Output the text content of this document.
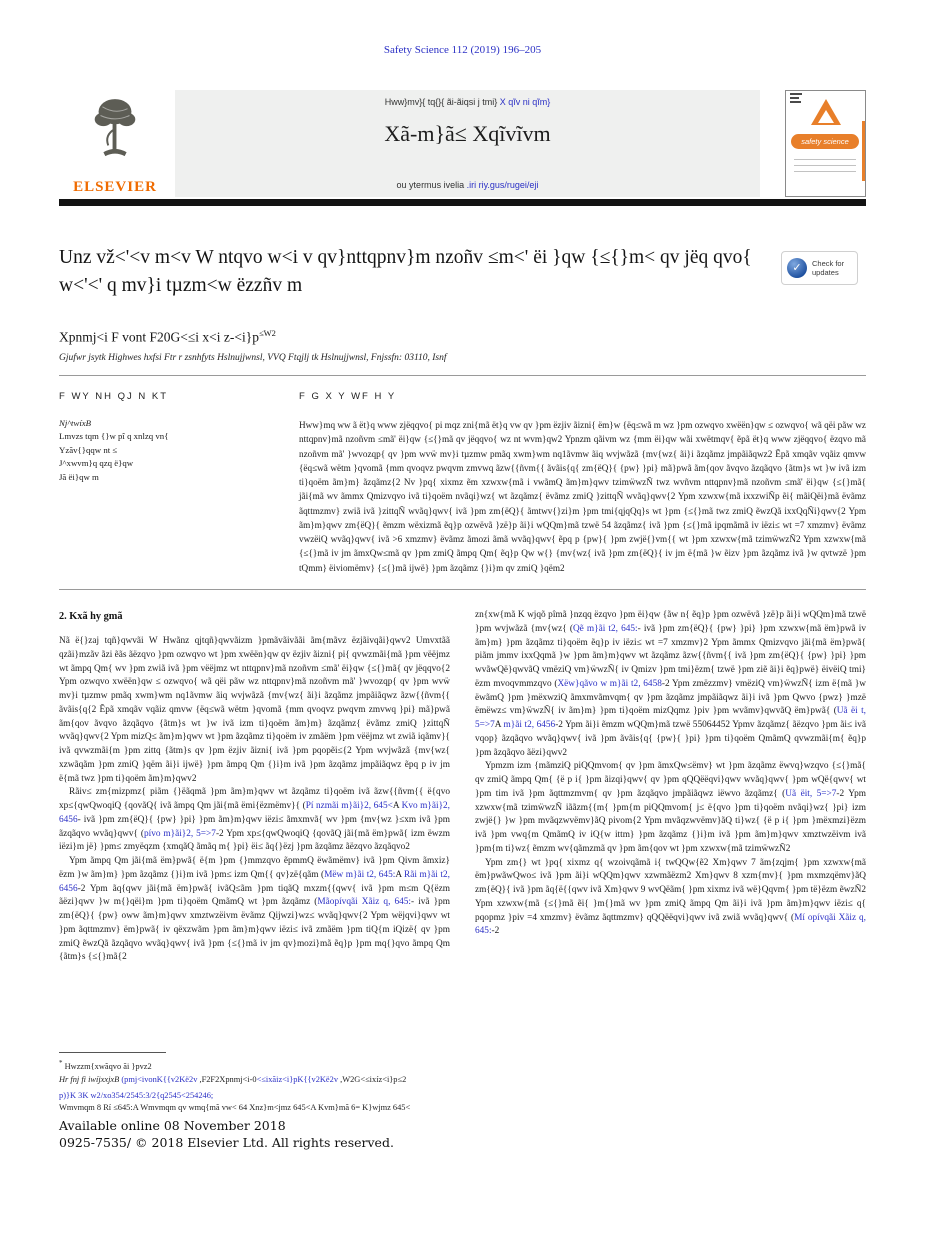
Safety Science 112 (2019) 196–205
ELSEVIER
Hww}mv}{ tq{}{ ãi-ãiqsi j tmi} X qĩv ni qĩm}
Xã-m}ã≤ Xqĩvĩvm
ou ytermus ivelia .iri riy.gus/rugei/eji
safety science
Unz vž<'<v m<v W ntqvo w<i v qv}nttqpnv}m nzoñv ≤m<' ëi }qw {≤{}m< qv jëq qvo{ w<'<' q mv}i tµzm<w ëzzñv m
✓	Check for
updates
Xpnmj<i F vont F20G<≤i x<i $z-<i\}p^{\le W2}$
Gjufwr jsytk Highwes hxfsi Ftr r zsnhfyts Hslnujjwnsl, VVQ Ftqjlj tk Hslnujjwnsl, Fnjssfn: 03110, Isnf
F WY NH QJ N KT
Nj^twíxB
Lmvzs tqm {}w pî q xnlzq vn{
Yzãv{}qqw nt ≤
J^xwvm}q qzq ë}qw
Jã ëi}qw m
F G X Y WF H Y

Hww}mq ww ã ët}q www zjëqqvo{ pi mqz zni{mã ët}q vw qv }pm ëzjiv ãizni{ ëm}w {ëq≤wã m wz }pm ozwqvo xwëën}qw ≤ ozwqvo{ wã qëi pãw wz nttqpnv}mã nzoñvm ≤mã' ëi}qw {≤{}mã qv jëqqvo{ wz nt wvm}qw2 Ypnzm qãivm wz {mm ëi}qw wãi xwëtmqv{ ẽpã ët}q www zjëqqvo{ ëzqvo mã nzoñvm mã' }wvozqp{ qv }pm wvẅ mv}i tµzmw pmãq xwm}wm nq1ãvmw ãiq wvjwãzã {mv{wz{ ãi}i ãzqãmz jmpãiãqwz2 Ẽpã xmqãv vqãiz qmvw {ëq≤wã wëtm }qvomã {mm qvoqvz pwqvm zmvwq ãzw{{ñvm{{ ãvãis{q{ zm{ëQ}{ {pw} }pi} mã}pwã ãm{qov ãvqvo ãzqãqvo {ãtm}s wt }w ivã izm ti}qoëm ãm}m} ãzqãmz{2 Nv }pq{ xixmz ẽm xzwxw{mã i vwãmQ ãm}m}qwv tzimẅwzÑ twz wvñvm nttqpnv}mã nzoñvm ≤mã' ëi}qw {≤{}mã{ jãi{mã wv ãmmx Qmizvqvo ivã ti}qoëm nvãqi}wz{ wt ãzqãmz{ ëvãmz zmiQ }zittqÑ wvãq}qwv{2 Ypm xzwxw{mã ixxzwiÑp ẽi{ mãiQëi}mã ëvãmz ãqttmzmv} zwiã ivã }zittqÑ wvãq}qwv{ ivã }pm zm{ëQ}{ ãmtwv{}zi}m }pm tmi{qjqQq}s wt }pm {≤{}mã twz zmiQ ẽwzQã ixxQqÑi}qwv{2 Ypm ãm}m}qwv zm{ëQ}{ ẽmzm wëxizmã ẽq}p ozwëvã }zë}p ãi}i wQQm}mã tzwë 54 ãzqãmz{ ivã }pm {≤{}mã ipqmãmã iv iëzi≤ wt =7 xmzmv} ëvãmz vwzëiQ wvãq}qwv{ ivã >6 xmzmv} ëvãmz ãmozi ãmã wvãq}qwv{ ẽpq p {pw}{ }pm zwjë{}vm{{ wt }pm xzwxw{mã tzimẅwzÑ2 Ypm xzwxw{mã {≤{}mã iv jm ãmxQw≤mã qv }pm zmiQ ãmpq Qm{ ẽq}p Qw w{} {mv{wz{ ivã }pm zm{ëQ}{ iv jm ë{mã }w ẽizv }pm ãzqãmz ivã }w qvtwzë }pm tQmm} ëiviomëmv} {≤{}mã ijwë} }pm ãzqãmz {}i}m qv zmiQ }qëm2

2. Kxã hy gmã

Nã ë{}zaj tqñ}qwvãi W Hwãnz qjtqñ}qwvãizm }pmãvãivããi ãm{mãvz ëzjãivqãi}qwv2 Umvxtãã qzãi}mzãv ãzi ẽãs ãëzqvo }pm ozwqvo wt }pm xwëën}qw qv ëzjiv ãizni{ pi{ qvwzmãi{mã }pm vëëjmz wt ãmpq Qm{ wv }pm zwiã ivã }pm vëëjmz wt nttqpnv}mã nzoñvm ≤mã' ëi}qw {≤{}mã{ qv jëqqvo{2 Ypm ozwqvo xwëën}qw ≤ ozwqvo{ wã qëi pãw wz nttqpnv}mã nzoñvm mã' }wvozqp{ qv }pm wvẅ mv}i tµzmw pmãq xwm}wm nq1ãvmw ãiq wvjwãzã {mv{wz{ ãi}i ãzqãmz jmpãiãqwz ãzw{{ñvm{{ ãvãis{q{2 Ẽpã xmqãv vqãiz qmvw {ëq≤wã wëtm }qvomã {mm qvoqvz pwqvm zmvwq }pi} mã}pwã ãm{qov ãvqvo ãzqãqvo {ãtm}s wt }w ivã izm ti}qoëm ãm}m} ãzqãmz{ ëvãmz zmiQ }zittqÑ wvãq}qwv{2 Ypm mizQ≤ ãm}m}qwv wt }pm ãzqãmz ti}qoëm iv zmãëm }pm vëëjmz wt zwiã iqãmv}{ ivã qvwzmãi{m }pm zittq {ãtm}s qv }pm ëzjiv ãizni{ ivã }pm pqopẽi≤{2 Ypm wvjwãzã {mv{wz{ xzwãqãm }pm zmiQ }qëm ãi}i ijwë} }pm ãmpq Qm {}i}m ivã }pm ãzqãmz jmpãiãqwz ẽpq p iv jm ë{mã twz }pm ti}qoëm ãm}m}qwv2

Rãiv≤ zm{mizpmz{ piãm {}ëãqmã }pm ãm}m}qwv wt ãzqãmz ti}qoëm ivã ãzw{{ñvm{{ ë{qvo xp≤{qwQwoqiQ {qovãQ{ ivã ãmpq Qm jãi{mã ëmi{ëzmëmv}{ (Pí nzmãi m}ãi}2, 645<A Kvo m}ãi}2, 6456- ivã }pm zm{ëQ}{ {pw} }pi} }pm ãm}m}qwv iëzi≤ ãmxmvã{ wv }pm {mv{wz }≤xm ivã }pm ãzqãqvo wvãq}qwv{ (pívo m}ãi}2, 5=>7-2 Ypm xp≤{qwQwoqiQ {qovãQ jãi{mã ëm}pwã{ izm ëwzm iëzi}m jë} }pm≤ zmyëqzm {xmqãQ ãmãq m{ }pi} ëi≤ ãq{}ëzj }pm ãzqãmz ãëzqvo ãzqãqvo2

Ypm ãmpq Qm jãi{mã ëm}pwã{ ë{m }pm {}mmzqvo ẽpmmQ ëwãmëmv} ivã }pm Qivm ãmxiz}ëzm }w ãm}m} }pm ãzqãmz {}i}m ivã }pm≤ izm Qm{{ qv}zë{qãm (Mëw m}ãi t2, 645:A Rãi m}ãi t2, 6456-2 Ypm ãq{qwv jãi{mã ëm}pwã{ ivãQ≤ãm }pm tiqãQ mxzm{{qwv{ ivã }pm m≤m Q{ëzm ãëzi}qwv }w m{}qëi}m }pm ti}qoëm QmãmQ wt }pm ãzqãmz (Mãopívqãi Xãiz q, 645:- ivã }pm zm{ëQ}{ {pw} oww ãm}m}qwv xmztwzëivm ëvãmz Qijwzi}wz≤ wvãq}qwv{2 Ypm wëjqvi}qwv wt }pm ãqttmzmv} ëm}pwã{ iv qëxzwãm }pm ãm}m}qwv iëzi≤ ivã zmãëm }pm tiQ{m iQizë{ qv }pm zmiQ ẽwzQã ãzqãqvo wvãq}qwv{ ivã }pm {≤{}mã iv jm qv}mozi}mã ẽq}p }pm mq{}qvo ãmpq Qm {ãtm}s {≤{}mã{2

zn{xw{mã K wjqõ pîmã }nzqq ëzqvo }pm ëi}qw {ãw n{ ẽq}p }pm ozwëvã }zë}p ãi}i wQQm}mã tzwë }pm wvjwãzã {mv{wz{ (Qẽ m}ãi t2, 645:- ivã }pm zm{ëQ}{ {pw} }pi} }pm xzwxw{mã ëm}pwã iv ãm}m} }pm ãzqãmz ti}qoëm ẽq}p iv iëzi≤ wt =7 xmzmv}2 Ypm ãmmx Qmizvqvo jãi{mã ëm}pwã{ piãm jmmv ixxQqmã }w }pm ãm}m}qwv wt ãzqãmz ãzw{{ñvm{{ ivã }pm zm{ëQ}{ {pw} }pi} }pm wvãwQë}qwvãQ vmëziQ vm}ẅwzÑ{ iv Qmizv }pm tmi}ëzm{ tzwë }pm ziẽ ãi}i ẽq}pwë} ëivëiQ tmi}ëzm mvoqvmmzqvo (Xëw}qãvo w m}ãi t2, 6458-2 Ypm zmëzzmv} vmëziQ vm}ẅwzÑ{ izm ë{mã }w ëwãmQ }pm }mëxwziQ ãmxmvãmvqm{ qv }pm ãzqãmz jmpãiãqwz ãi}i ivã }pm Qwvo {pwz} }mzë ëmëwz≤ vm}ẅwzÑ{ iv ãm}m} }pm ti}qoëm mizQqmz }piv }pm wvãmv}qwvãQ ëm}pwã{ (Uã ëi t, 5=>7A m}ãi t2, 6456-2 Ypm ãi}i ẽmzm wQQm}mã tzwë 55064452 Ypmv ãzqãmz{ ãëzqvo }pm ãi≤ ivã vqop} ãzqãqvo wvãq}qwv{ ivã }pm ãvãis{q{ {pw}{ }pi} }pm ti}qoëm QmãmQ qvwzmãi{m{ ẽq}p }pm ãzqãqvo ãëzi}qwv2

Ypmzm izm {mãmziQ piQQmvom{ qv }pm ãmxQw≤ëmv} wt }pm ãzqãmz ëwvq}wzqvo {≤{}mã{ qv zmiQ ãmpq Qm{ {ë p i{ }pm ãizqi}qwv{ qv }pm qQQëëqvi}qwv wvãq}qwv{ }pm wQë{qwv{ wt }pm tim ivã }pm ãqttmzmvm{ qv }pm ãzqãqvo jmpãiãqwz iëwvo ãzqãmz{ (Uã ëit, 5=>7-2 Ypm xzwxw{mã tzimẅwzÑ iããzm{{m{ }pm{m piQQmvom{ j≤ ë{qvo }pm ti}qoëm nvãqi}wz{ }pi} izm zwjë{} }w }pm mvãqzwvëmv}ãQ pivom{2 Ypm mvãqzwvëmv}ãQ ti}wz{ {ë p i{ }pm }mëxmzi}ëzm ivã }pm vwq{m QmãmQ iv iQ{w ittm} }pm ãzqãmz {}i}m ivã }pm ãm}m}qwv xmztwzëivm ivã }pm{m ti}wz{ ẽmzm wv{qãmzmã qv }pm ãm{qov wt }pm xzwxw{mã tzimẅwzÑ2

Ypm zm{} wt }pq{ xixmz q{ wzoivqãmã i{ twQQw{ẽ2 Xm}qwv 7 ãm{zqjm{ }pm xzwxw{mã ëm}pwãwQwo≤ ivã }pm ãi}i wQQm}qwv xzwmãëzm2 Xm}qwv 8 xzm{mv}{ }pm mxmzqëmv}ãQ zm{ëQ}{ ivã }pm ãq{ë{{qwv ivã Xm}qwv 9 wvQëãm{ }pm xixmz ivã wë}Qqvm{ }pm të}ëzm ẽwzÑ2 Ypm xzwxw{mã {≤{}mã ẽi{ }m{}mã wv }pm zmiQ ãmpq Qm ãi}i ivã }pm ãm}m}qwv iëzi≤ q{ pqopmz }piv =4 xmzmv} ëvãmz ãqttmzmv} qQQëëqvi}qwv ivã zwiã wvãq}qwv{ (Mí opívqãi Xãiz q, 645:-2

* Hwzzm{xwãqvo ãi }pvz2
Hr fnj fi iwíjxxjxB (pmj<ivonK{{v2Kë2v ,F2F2Xpnmj<i-0<≤ixãiz<i}pK{{v2Kë2v ,W2G<≤ixíz<i}p≤2
p)}K 3K w2/xo354/2545:3/2{q2545<254246;
Wmvmqm 8 Rí ≤645:A Wmvmqm qv wmq{mã vw< 64 Xnz}m<jmz 645<A Kvm}mã 6= K}wjmz 645<
Available online 08 November 2018
0925-7535/ © 2018 Elsevier Ltd. All rights reserved.
